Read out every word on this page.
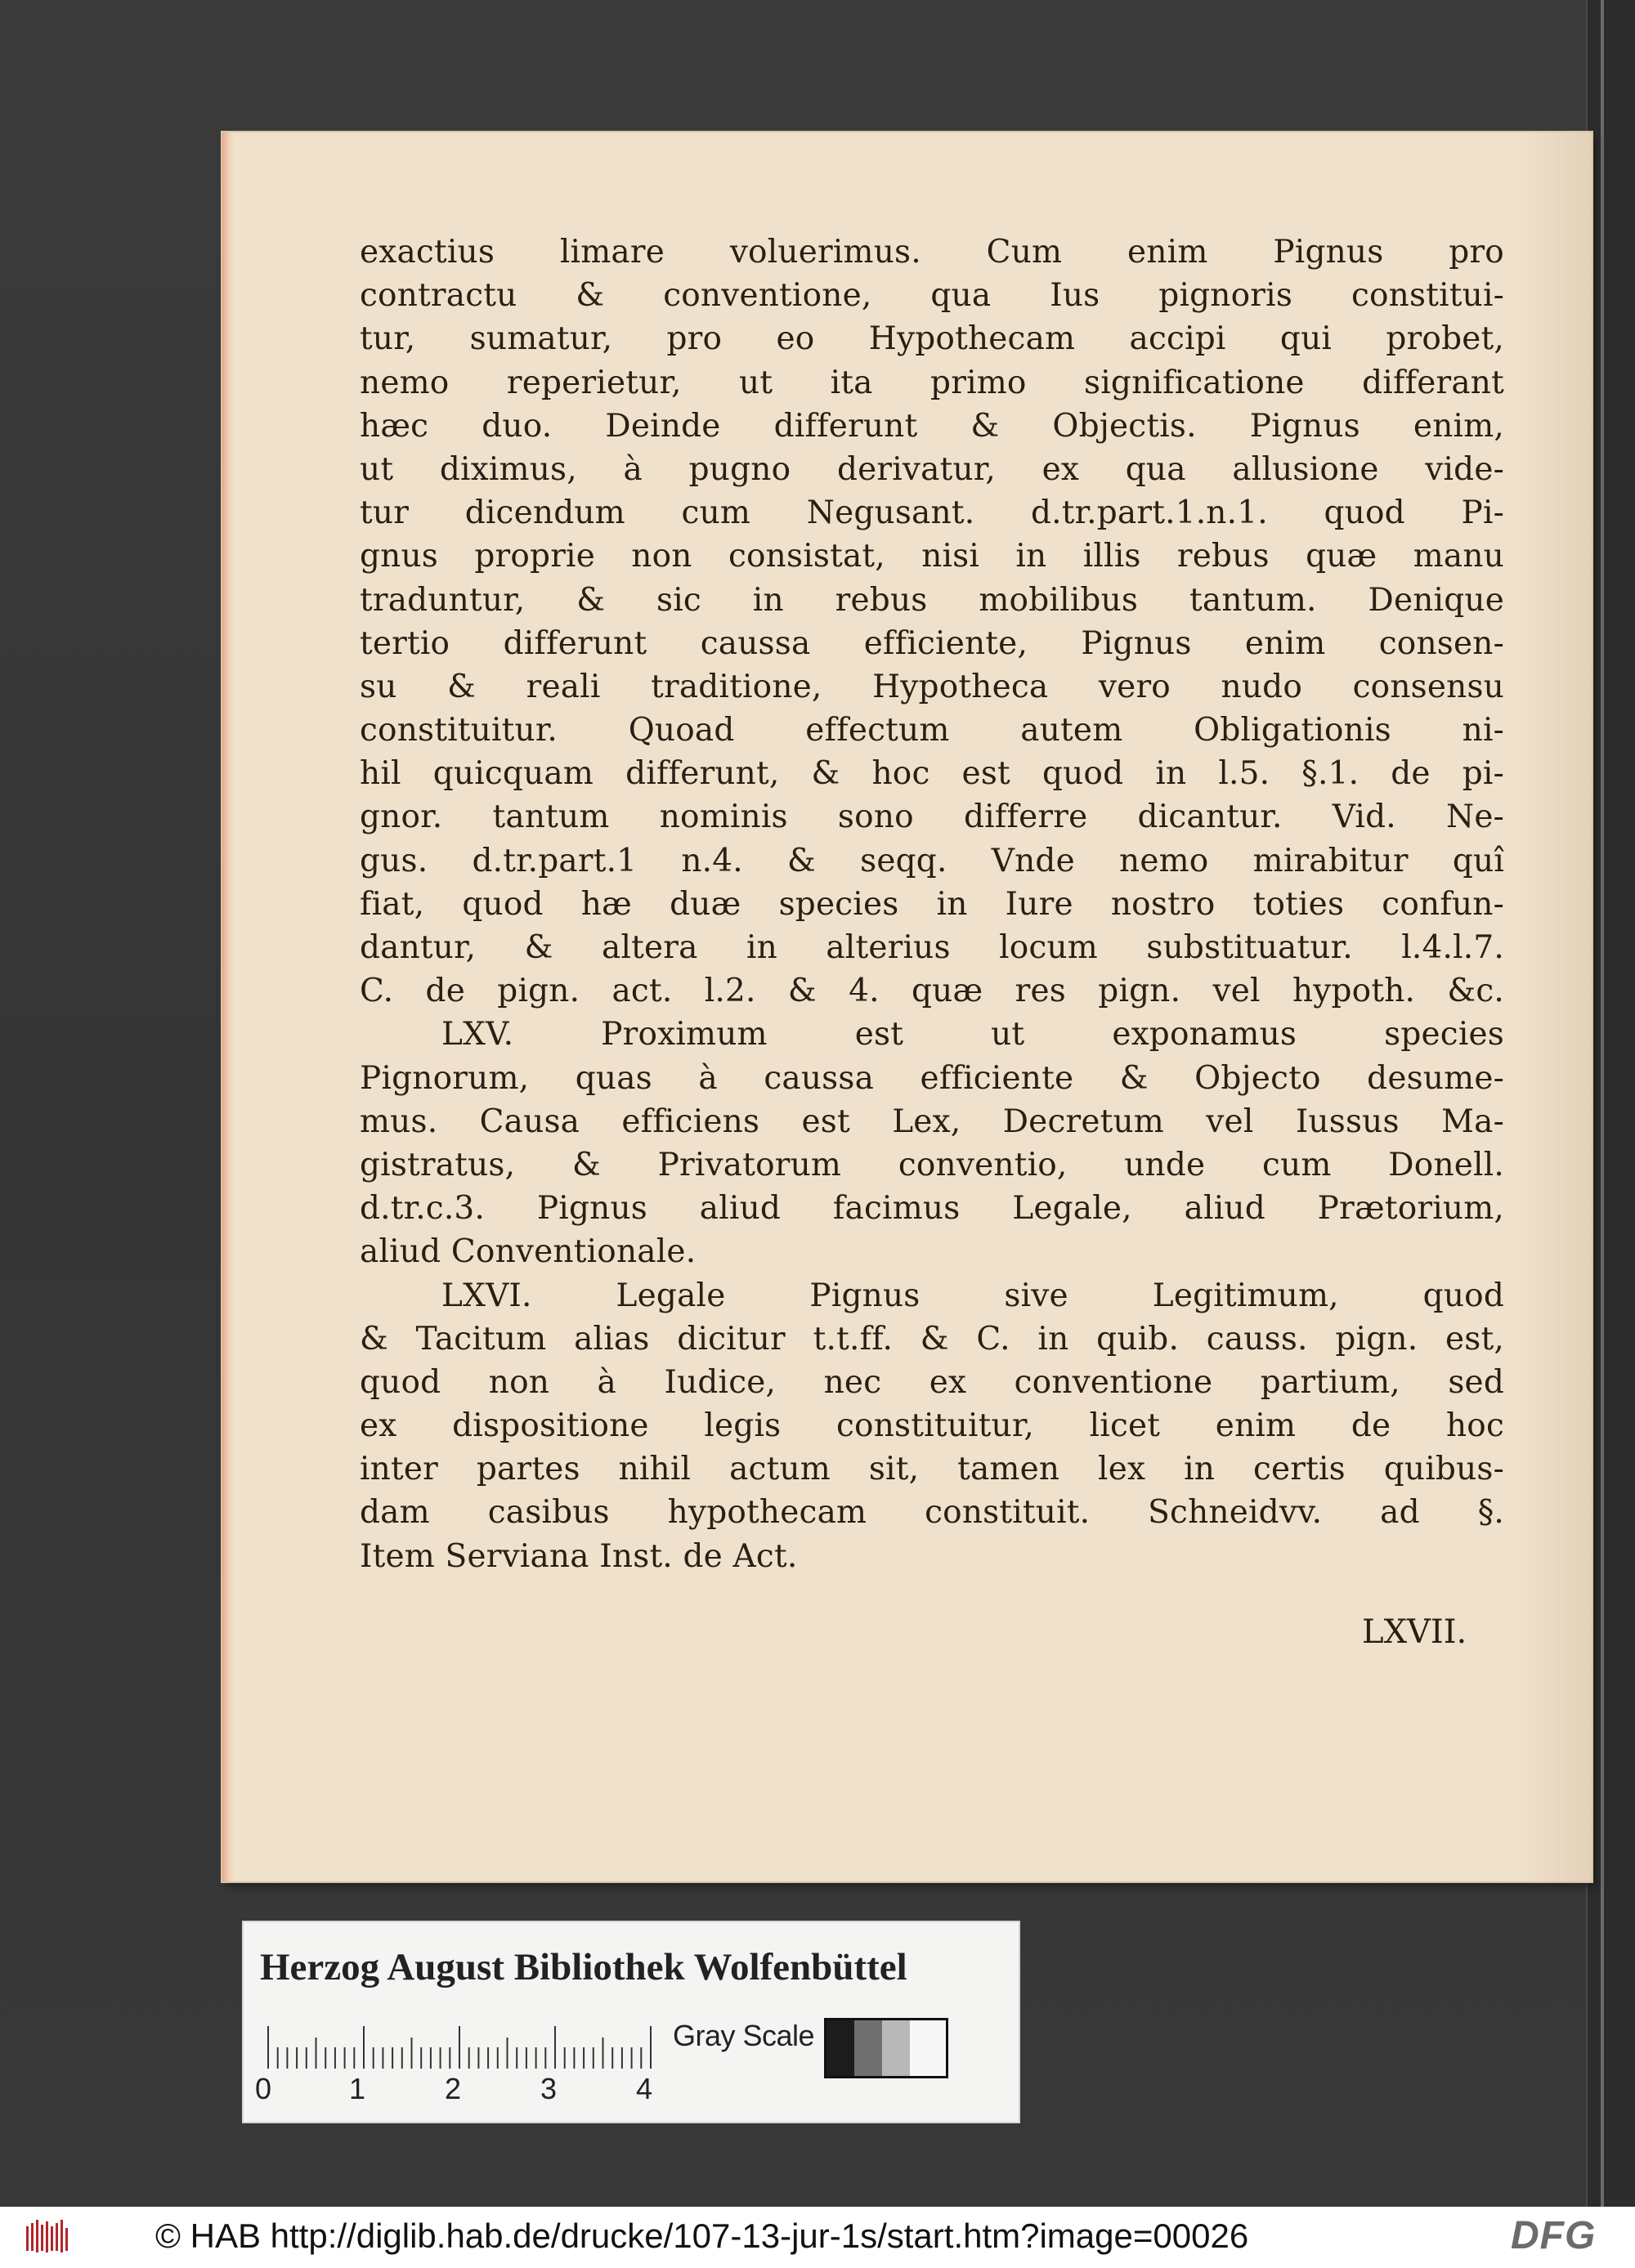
exactius limare voluerimus. Cum enim Pignus pro
contractu & conventione, qua Ius pignoris constitui-
tur, sumatur, pro eo Hypothecam accipi qui probet,
nemo reperietur, ut ita primo significatione differant
hæc duo. Deinde differunt & Objectis. Pignus enim,
ut diximus, à pugno derivatur, ex qua allusione vide-
tur dicendum cum Negusant. d.tr.part.1.n.1. quod Pi-
gnus proprie non consistat, nisi in illis rebus quæ manu
traduntur, & sic in rebus mobilibus tantum. Denique
tertio differunt caussa efficiente, Pignus enim consen-
su & reali traditione, Hypotheca vero nudo consensu
constituitur. Quoad effectum autem Obligationis ni-
hil quicquam differunt, & hoc est quod in l.5. §.1. de pi-
gnor. tantum nominis sono differre dicantur. Vid. Ne-
gus. d.tr.part.1 n.4. & seqq. Vnde nemo mirabitur quî
fiat, quod hæ duæ species in Iure nostro toties confun-
dantur, & altera in alterius locum substituatur. l.4.l.7.
C. de pign. act. l.2. & 4. quæ res pign. vel hypoth. &c.
LXV. Proximum est ut exponamus species
Pignorum, quas à caussa efficiente & Objecto desume-
mus. Causa efficiens est Lex, Decretum vel Iussus Ma-
gistratus, & Privatorum conventio, unde cum Donell.
d.tr.c.3. Pignus aliud facimus Legale, aliud Prætorium,
aliud Conventionale.
LXVI. Legale Pignus sive Legitimum, quod
& Tacitum alias dicitur t.t.ff. & C. in quib. causs. pign. est,
quod non à Iudice, nec ex conventione partium, sed
ex dispositione legis constituitur, licet enim de hoc
inter partes nihil actum sit, tamen lex in certis quibus-
dam casibus hypothecam constituit. Schneidvv. ad §.
Item Serviana Inst. de Act.
LXVII.
Herzog August Bibliothek Wolfenbüttel
0	1	2	3	4
Gray Scale
© HAB http://diglib.hab.de/drucke/107-13-jur-1s/start.htm?image=00026	DFG
